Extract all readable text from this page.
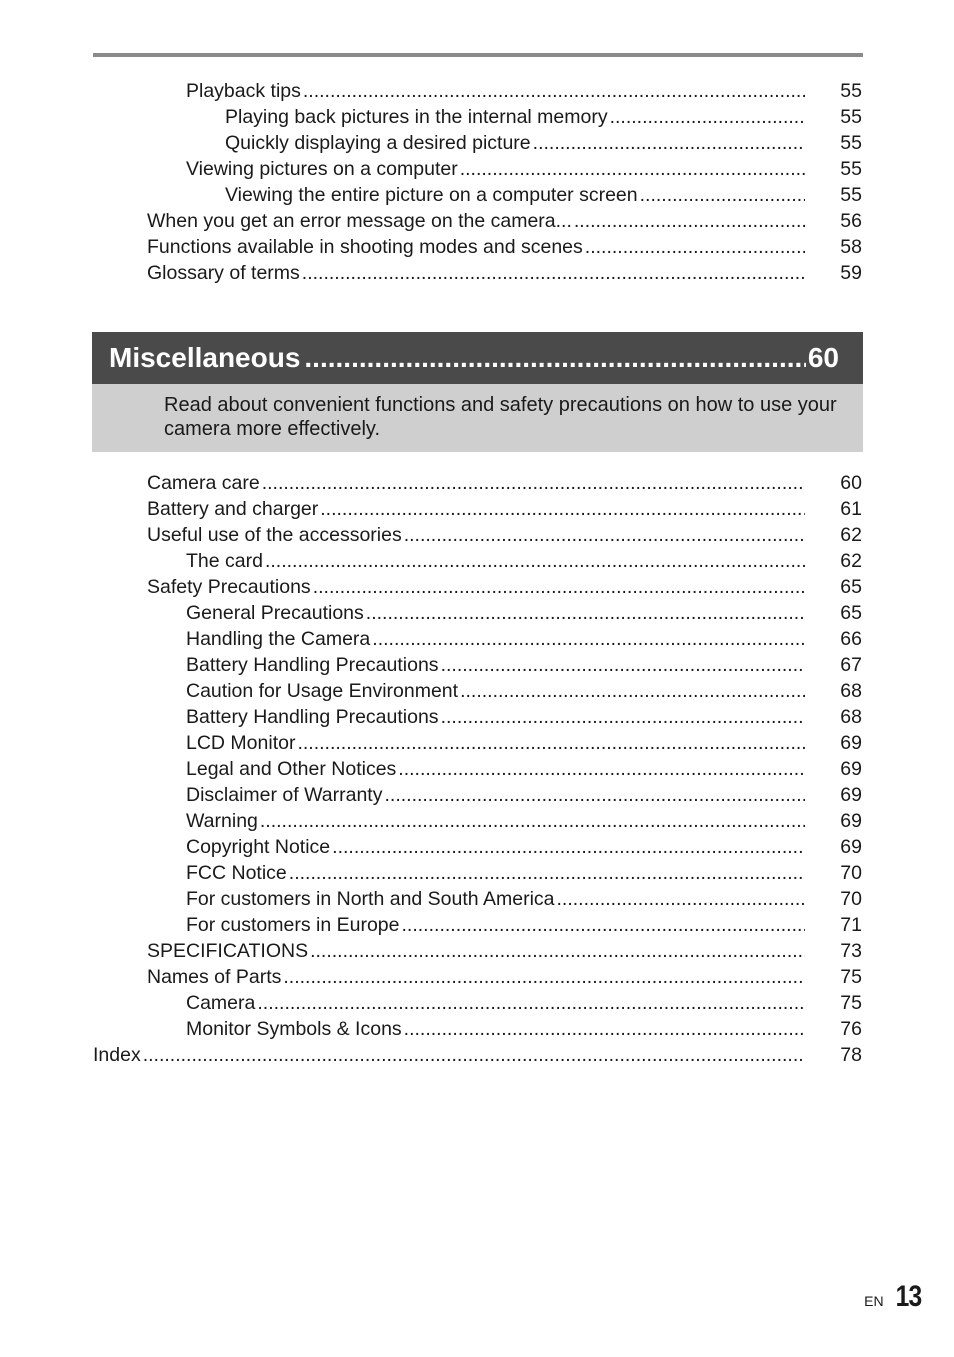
Playback tips .....	55
Playing back pictures in the internal memory .....	55
Quickly displaying a desired picture .....	55
Viewing pictures on a computer .....	55
Viewing the entire picture on a computer screen .....	55
When you get an error message on the camera... .....	56
Functions available in shooting modes and scenes .....	58
Glossary of terms .....	59
Miscellaneous .....	60

Read about convenient functions and safety precautions on how to use your camera more effectively.

Camera care .....	60
Battery and charger .....	61
Useful use of the accessories .....	62
The card .....	62
Safety Precautions .....	65
General Precautions .....	65
Handling the Camera .....	66
Battery Handling Precautions .....	67
Caution for Usage Environment .....	68
Battery Handling Precautions .....	68
LCD Monitor .....	69
Legal and Other Notices .....	69
Disclaimer of Warranty .....	69
Warning .....	69
Copyright Notice .....	69
FCC Notice .....	70
For customers in North and South America .....	70
For customers in Europe .....	71
SPECIFICATIONS .....	73
Names of Parts .....	75
Camera .....	75
Monitor Symbols & Icons .....	76
Index .....	78
EN 13
